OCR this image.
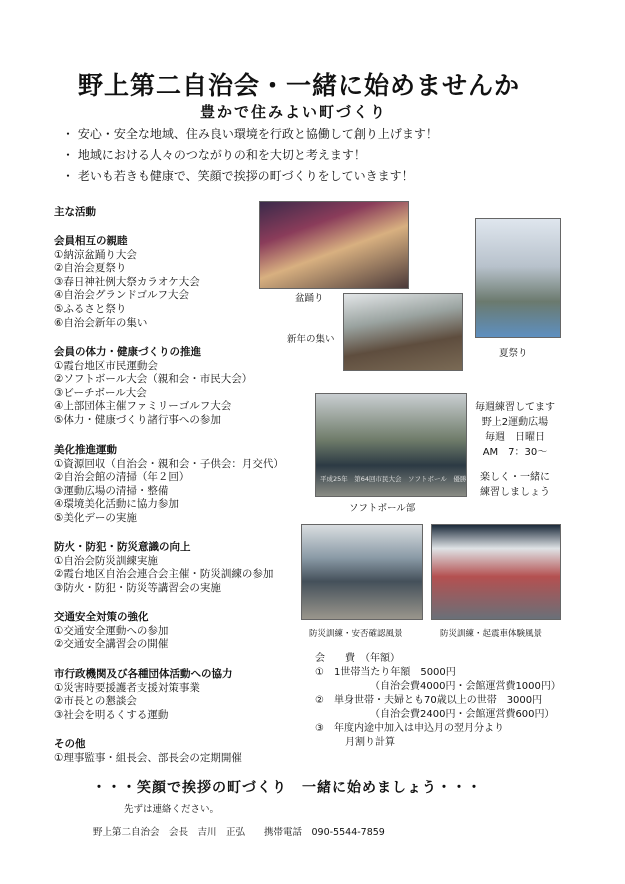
野上第二自治会・一緒に始めませんか
豊かで住みよい町づくり
・ 安心・安全な地域、住み良い環境を行政と協働して創り上げます！
・ 地域における人々のつながりの和を大切と考えます！
・ 老いも若きも健康で、笑顔で挨拶の町づくりをしていきます！
主な活動
会員相互の親睦
①納涼盆踊り大会
②自治会夏祭り
③春日神社例大祭カラオケ大会
④自治会グランドゴルフ大会
⑤ふるさと祭り
⑥自治会新年の集い
会員の体力・健康づくりの推進
①霞台地区市民運動会
②ソフトボール大会（親和会・市民大会）
③ビーチボール大会
④上部団体主催ファミリーゴルフ大会
⑤体力・健康づくり諸行事への参加
美化推進運動
①資源回収（自治会・親和会・子供会：月交代）
②自治会館の清掃（年２回）
③運動広場の清掃・整備
④環境美化活動に協力参加
⑤美化デーの実施
防火・防犯・防災意識の向上
①自治会防災訓練実施
②霞台地区自治会連合会主催・防災訓練の参加
③防火・防犯・防災等講習会の実施
交通安全対策の強化
①交通安全運動への参加
②交通安全講習会の開催
市行政機関及び各種団体活動への協力
①災害時要援護者支援対策事業
②市長との懇談会
③社会を明るくする運動
その他
①理事監事・組長会、部長会の定期開催
盆踊り
夏祭り
新年の集い
平成25年　第64回市民大会　ソフトボール　優勝
ソフトボール部
毎週練習してます
野上2運動広場
毎週　日曜日
AM　7：30～
楽しく・一緒に
練習しましょう
防災訓練・安否確認風景	防災訓練・起震車体験風景
会　　費　（年額）
①　1世帯当たり年額　5000円
　　　　　　（自治会費4000円・会館運営費1000円）
②　単身世帯・夫婦とも70歳以上の世帯　3000円
　　　　　　（自治会費2400円・会館運営費600円）
③　年度内途中加入は申込月の翌月分より
　　　月割り計算
・・・笑顔で挨拶の町づくり　一緒に始めましょう・・・
先ずは連絡ください。
野上第二自治会　会長　吉川　正弘　　携帯電話　090-5544-7859
